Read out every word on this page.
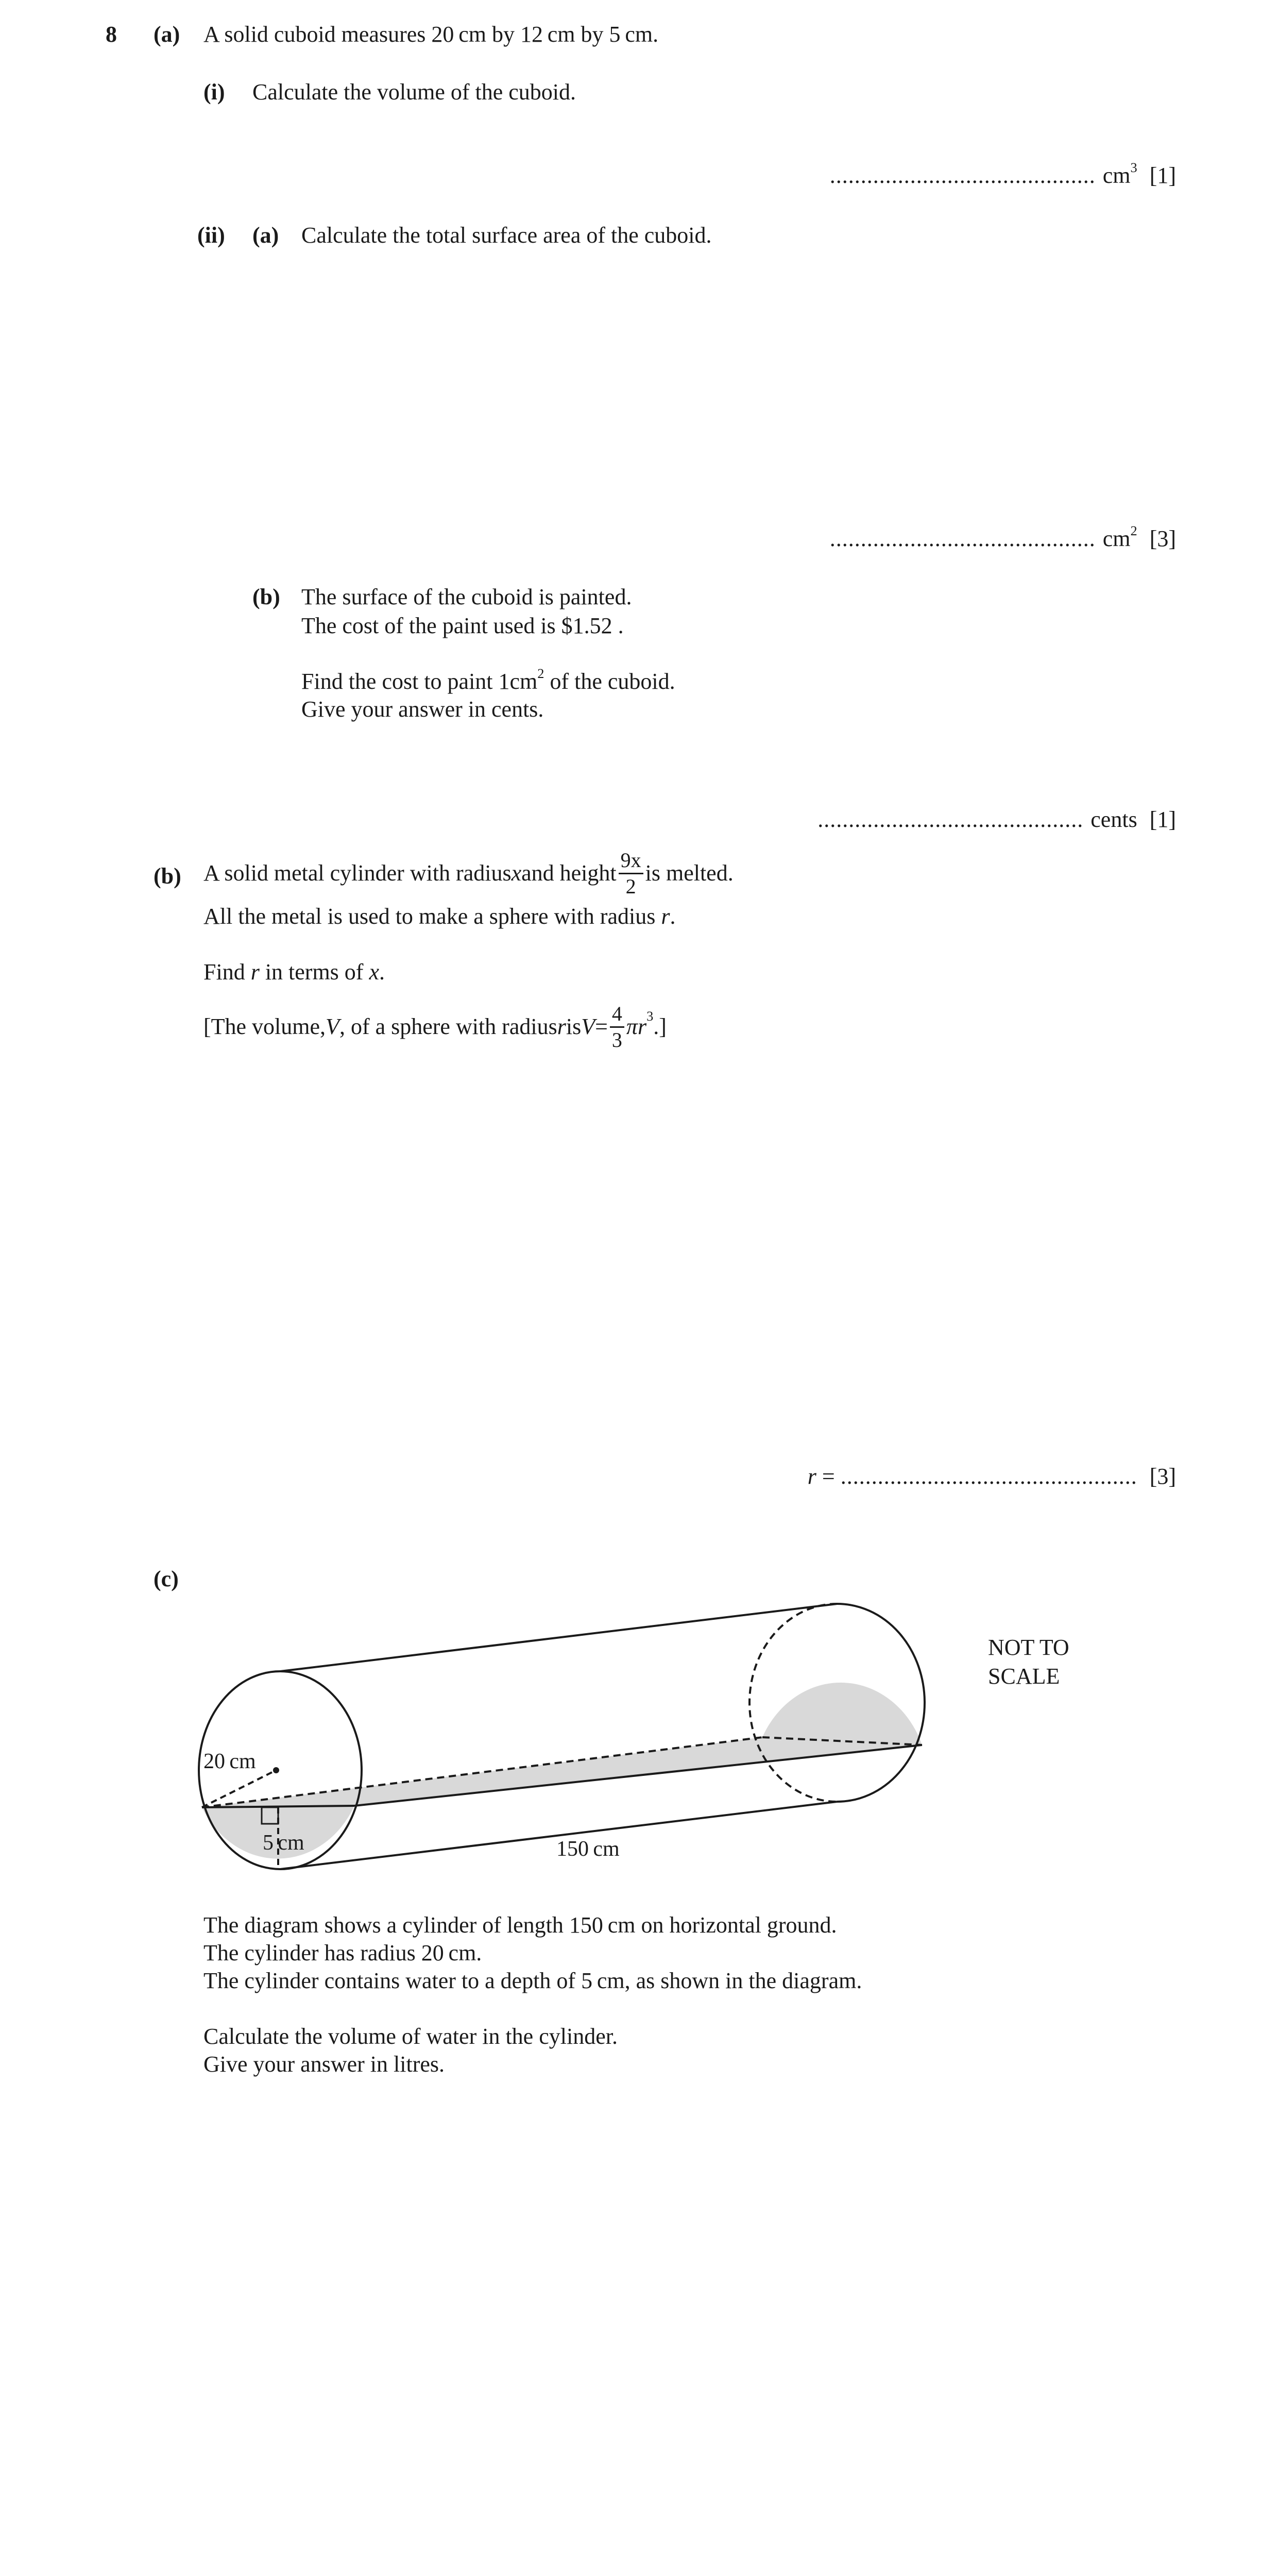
8 (a) A solid cuboid measures 20 cm by 12 cm by 5 cm.
(i) Calculate the volume of the cuboid.
........................................... $cm^3$ [1]
(ii) (a) Calculate the total surface area of the cuboid.
........................................... $cm^2$ [3]
(b) The surface of the cuboid is painted.
The cost of the paint used is $1.52 .
Find the cost to paint $1cm^2$ of the cuboid.
Give your answer in cents.
........................................... cents [1]
(b) A solid metal cylinder with radius x and height $\frac{9x}{2}$ is melted.
All the metal is used to make a sphere with radius r.
Find r in terms of x.
[The volume, V , of a sphere with radius r is $V = \frac{4}{3}$ π $r^3$ .]
r = ................................................ [3]
(c)
20 cm
5 cm	150 cm
NOT TO
SCALE
The diagram shows a cylinder of length 150 cm on horizontal ground.
The cylinder has radius 20 cm.
The cylinder contains water to a depth of 5 cm, as shown in the diagram.
Calculate the volume of water in the cylinder.
Give your answer in litres.
